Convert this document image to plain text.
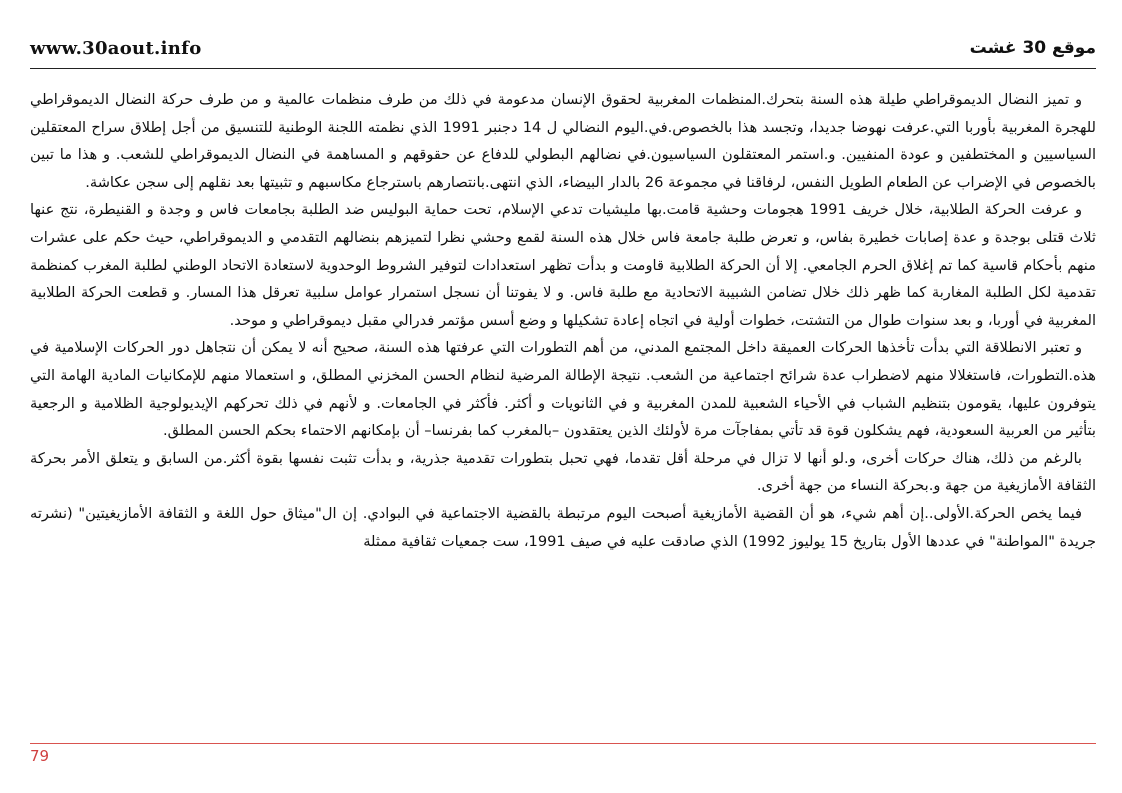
www.30aout.info	موقع 30 غشت

و تميز النضال الديموقراطي طيلة هذه السنة بتحرك.المنظمات المغربية لحقوق الإنسان مدعومة في ذلك من طرف منظمات عالمية و من طرف حركة النضال الديموقراطي للهجرة المغربية بأوربا التي.عرفت نهوضا جديدا، وتجسد هذا بالخصوص.في.اليوم النضالي ل 14 دجنبر 1991 الذي نظمته اللجنة الوطنية للتنسيق من أجل إطلاق سراح المعتقلين السياسيين و المختطفين و عودة المنفيين. و.استمر المعتقلون السياسيون.في نضالهم البطولي للدفاع عن حقوقهم و المساهمة في النضال الديموقراطي للشعب. و هذا ما تبين بالخصوص في الإضراب عن الطعام الطويل النفس، لرفاقنا في مجموعة 26 بالدار البيضاء، الذي انتهى.بانتصارهم باسترجاع مكاسبهم و تثبيتها بعد نقلهم إلى سجن عكاشة.

و عرفت الحركة الطلابية، خلال خريف 1991 هجومات وحشية قامت.بها مليشيات تدعي الإسلام، تحت حماية البوليس ضد الطلبة بجامعات فاس و وجدة و القنيطرة، نتج عنها ثلاث قتلى بوجدة و عدة إصابات خطيرة بفاس، و تعرض طلبة جامعة فاس خلال هذه السنة لقمع وحشي نظرا لتميزهم بنضالهم التقدمي و الديموقراطي، حيث حكم على عشرات منهم بأحكام قاسية كما تم إغلاق الحرم الجامعي. إلا أن الحركة الطلابية قاومت و بدأت تظهر استعدادات لتوفير الشروط الوحدوية لاستعادة الاتحاد الوطني لطلبة المغرب كمنظمة تقدمية لكل الطلبة المغاربة كما ظهر ذلك خلال تضامن الشبيبة الاتحادية مع طلبة فاس. و لا يفوتنا أن نسجل استمرار عوامل سلبية تعرقل هذا المسار. و قطعت الحركة الطلابية المغربية في أوربا، و بعد سنوات طوال من التشتت، خطوات أولية في اتجاه إعادة تشكيلها و وضع أسس مؤتمر فدرالي مقبل ديموقراطي و موحد.

و تعتبر الانطلاقة التي بدأت تأخذها الحركات العميقة داخل المجتمع المدني، من أهم التطورات التي عرفتها هذه السنة، صحيح أنه لا يمكن أن نتجاهل دور الحركات الإسلامية في هذه.التطورات، فاستغلالا منهم لاضطراب عدة شرائح اجتماعية من الشعب. نتيجة الإطالة المرضية لنظام الحسن المخزني المطلق، و استعمالا منهم للإمكانيات المادية الهامة التي يتوفرون عليها، يقومون بتنظيم الشباب في الأحياء الشعبية للمدن المغربية و في الثانويات و أكثر. فأكثر في الجامعات. و لأنهم في ذلك تحركهم الإيديولوجية الظلامية و الرجعية بتأثير من العربية السعودية، فهم يشكلون قوة قد تأتي بمفاجآت مرة لأولئك الذين يعتقدون –بالمغرب كما بفرنسا– أن بإمكانهم الاحتماء بحكم الحسن المطلق.

بالرغم من ذلك، هناك حركات أخرى، و.لو أنها لا تزال في مرحلة أقل تقدما، فهي تحبل بتطورات تقدمية جذرية، و بدأت تثبت نفسها بقوة أكثر.من السابق و يتعلق الأمر بحركة الثقافة الأمازيغية من جهة و.بحركة النساء من جهة أخرى.

فيما يخص الحركة.الأولى..إن أهم شيء، هو أن القضية الأمازيغية أصبحت اليوم مرتبطة بالقضية الاجتماعية في البوادي. إن ال"ميثاق حول اللغة و الثقافة الأمازيغيتين" (نشرته جريدة "المواطنة" في عددها الأول بتاريخ 15 يوليوز 1992) الذي صادقت عليه في صيف 1991، ست جمعيات ثقافية ممثلة

79
